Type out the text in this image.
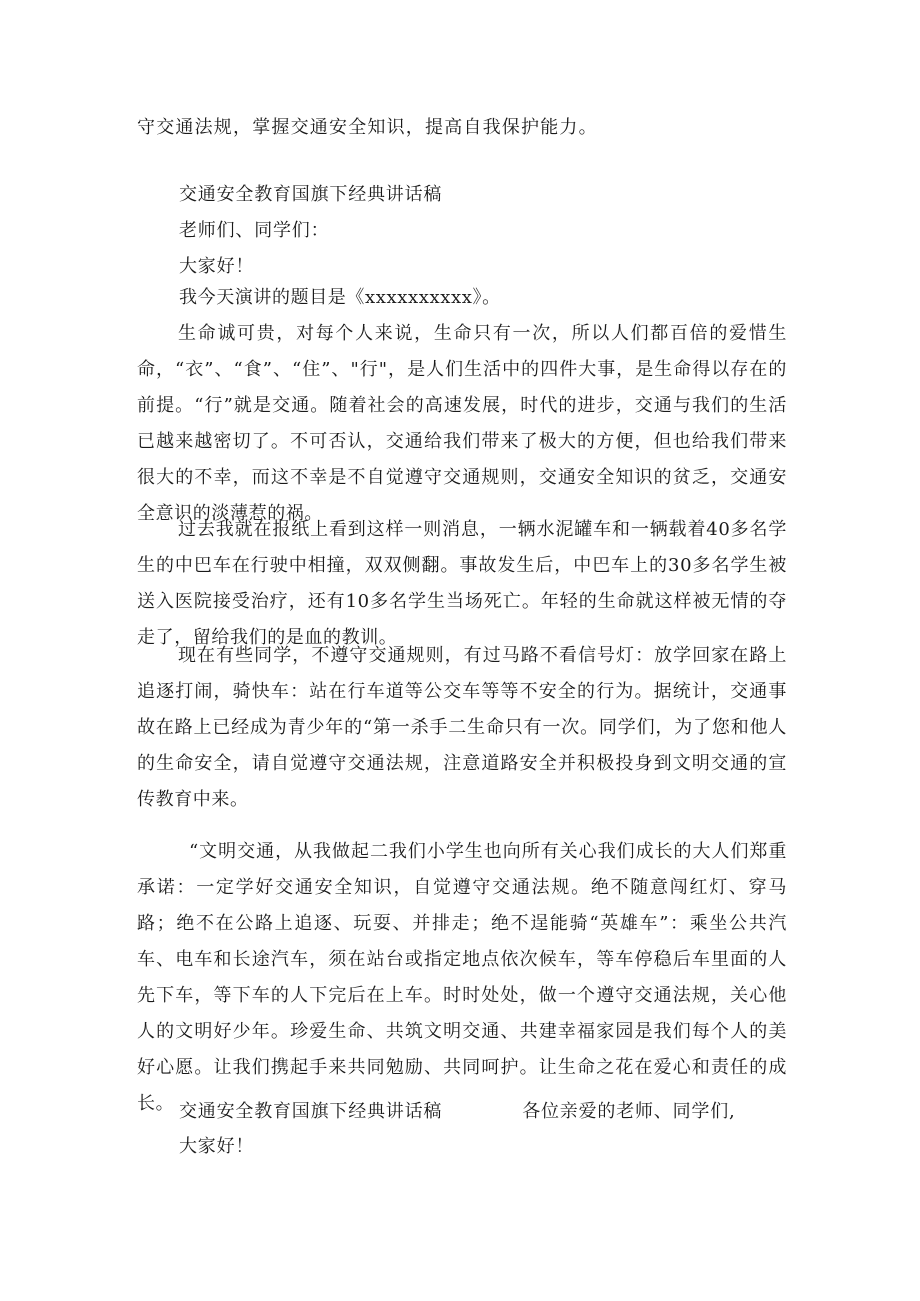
守交通法规，掌握交通安全知识，提高自我保护能力。
交通安全教育国旗下经典讲话稿
老师们、同学们：
大家好！
我今天演讲的题目是《xxxxxxxxxx》。
生命诚可贵，对每个人来说，生命只有一次，所以人们都百倍的爱惜生命，“衣”、“食”、“住”、"行"，是人们生活中的四件大事，是生命得以存在的前提。“行”就是交通。随着社会的高速发展，时代的进步，交通与我们的生活已越来越密切了。不可否认，交通给我们带来了极大的方便，但也给我们带来很大的不幸，而这不幸是不自觉遵守交通规则，交通安全知识的贫乏，交通安全意识的淡薄惹的祸。
过去我就在报纸上看到这样一则消息，一辆水泥罐车和一辆载着40多名学生的中巴车在行驶中相撞，双双侧翻。事故发生后，中巴车上的30多名学生被送入医院接受治疗，还有10多名学生当场死亡。年轻的生命就这样被无情的夺走了，留给我们的是血的教训。
现在有些同学，不遵守交通规则，有过马路不看信号灯：放学回家在路上追逐打闹，骑快车：站在行车道等公交车等等不安全的行为。据统计，交通事故在路上已经成为青少年的“第一杀手二生命只有一次。同学们，为了您和他人的生命安全，请自觉遵守交通法规，注意道路安全并积极投身到文明交通的宣传教育中来。
“文明交通，从我做起二我们小学生也向所有关心我们成长的大人们郑重承诺：一定学好交通安全知识，自觉遵守交通法规。绝不随意闯红灯、穿马路；绝不在公路上追逐、玩耍、并排走；绝不逞能骑“英雄车”：乘坐公共汽车、电车和长途汽车，须在站台或指定地点依次候车，等车停稳后车里面的人先下车，等下车的人下完后在上车。时时处处，做一个遵守交通法规，关心他人的文明好少年。珍爱生命、共筑文明交通、共建幸福家园是我们每个人的美好心愿。让我们携起手来共同勉励、共同呵护。让生命之花在爱心和责任的成长。 交通安全教育国旗下经典讲话稿	各位亲爱的老师、同学们,
大家好！
